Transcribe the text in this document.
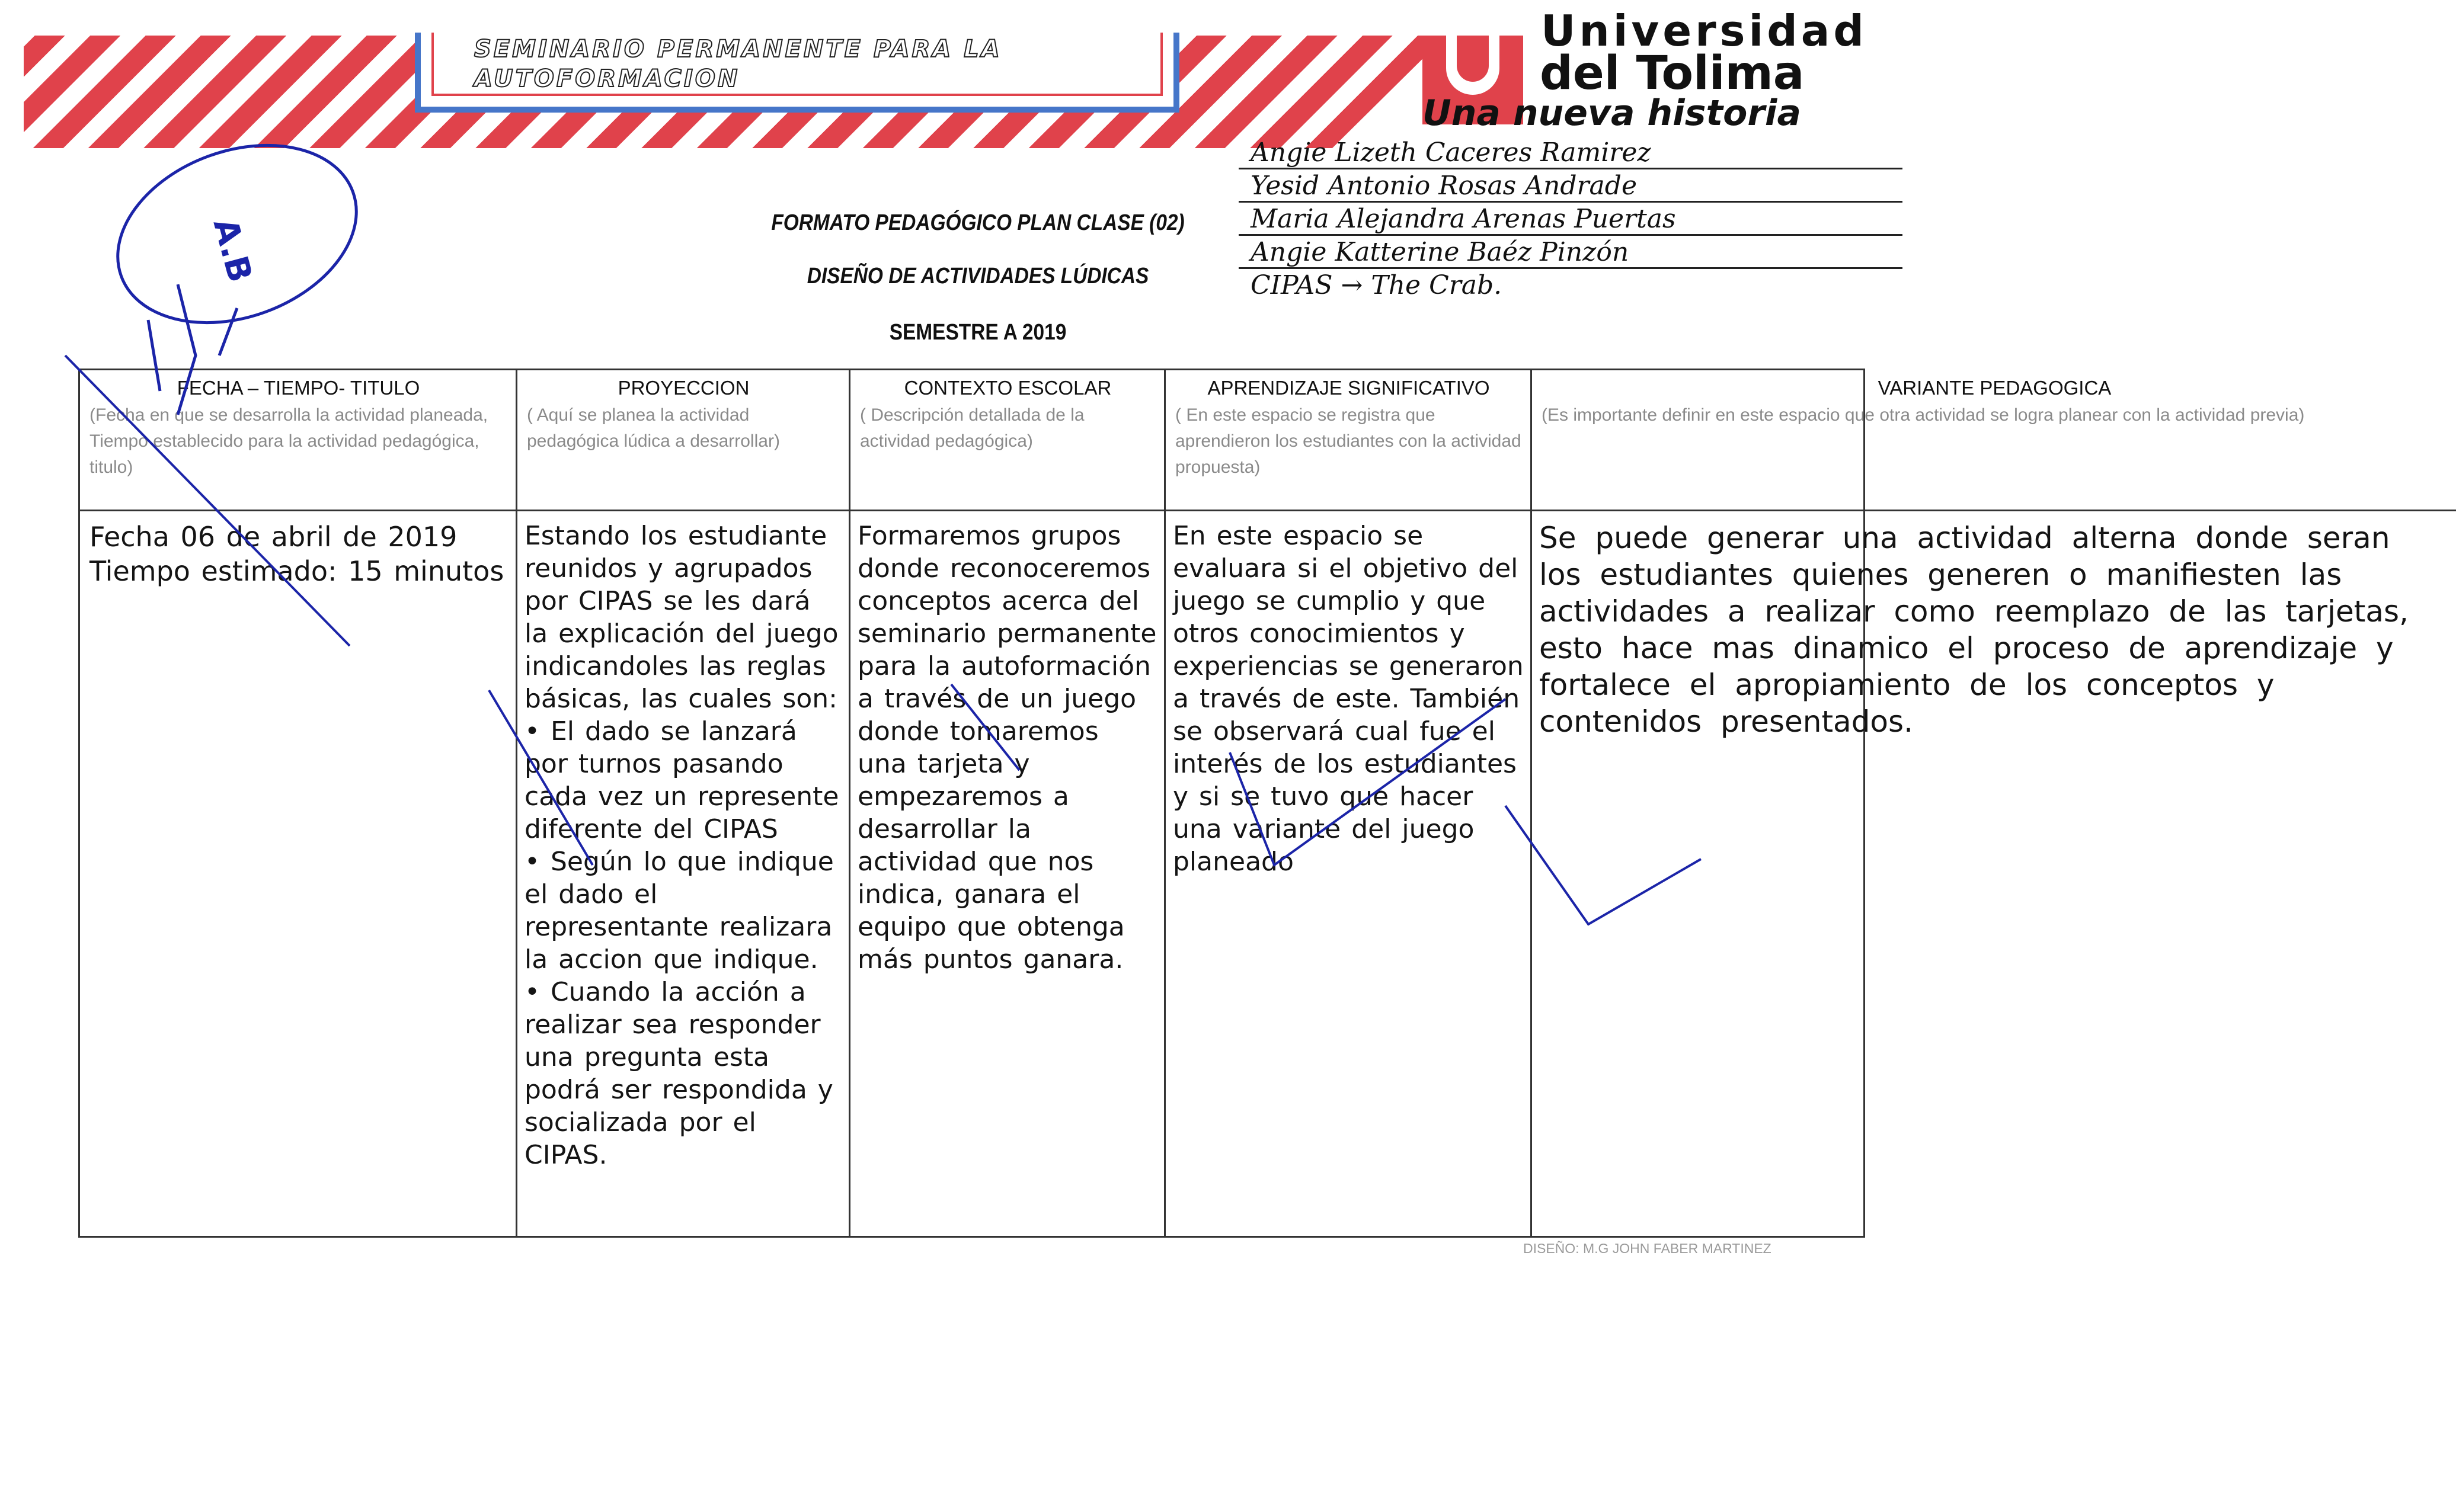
SEMINARIO PERMANENTE PARA LA
AUTOFORMACION
Universidad
del Tolima
Una nueva historia
Angie Lizeth Caceres Ramirez
Yesid Antonio Rosas Andrade
Maria Alejandra Arenas Puertas
Angie Katterine Baéz Pinzón
CIPAS → The Crab.
FORMATO PEDAGÓGICO PLAN CLASE (02)
DISEÑO DE ACTIVIDADES LÚDICAS
SEMESTRE A 2019
FECHA – TIEMPO- TITULO
(Fecha en que se desarrolla la actividad planeada, Tiempo establecido para la actividad pedagógica, titulo)
PROYECCION
( Aquí se planea la actividad pedagógica lúdica a desarrollar)
CONTEXTO ESCOLAR
( Descripción detallada de la actividad pedagógica)
APRENDIZAJE SIGNIFICATIVO
( En este espacio se registra que aprendieron los estudiantes con la actividad propuesta)
VARIANTE PEDAGOGICA
(Es importante definir en este espacio que otra actividad se logra planear con la actividad previa)

Fecha 06 de abril de 2019

Tiempo estimado: 15 minutos

Estando los estudiante reunidos y agrupados por CIPAS se les dará la explicación del juego indicandoles las reglas básicas, las cuales son:

• El dado se lanzará por turnos pasando cada vez un represente diferente del CIPAS

• Según lo que indique el dado el representante realizara la accion que indique.

• Cuando la acción a realizar sea responder una pregunta esta podrá ser respondida y socializada por el CIPAS.

Formaremos grupos donde reconoceremos conceptos acerca del seminario permanente para la autoformación a través de un juego donde tomaremos una tarjeta y empezaremos a desarrollar la actividad que nos indica, ganara el equipo que obtenga más puntos ganara.

En este espacio se evaluara si el objetivo del juego se cumplio y que otros conocimientos y experiencias se generaron a través de este. También se observará cual fue el interés de los estudiantes y si se tuvo que hacer una variante del juego planeado

Se puede generar una actividad alterna donde seran los estudiantes quienes generen o manifiesten las actividades a realizar como reemplazo de las tarjetas, esto hace mas dinamico el proceso de aprendizaje y fortalece el apropiamiento de los conceptos y contenidos presentados.

DISEÑO: M.G JOHN FABER MARTINEZ
A.B
